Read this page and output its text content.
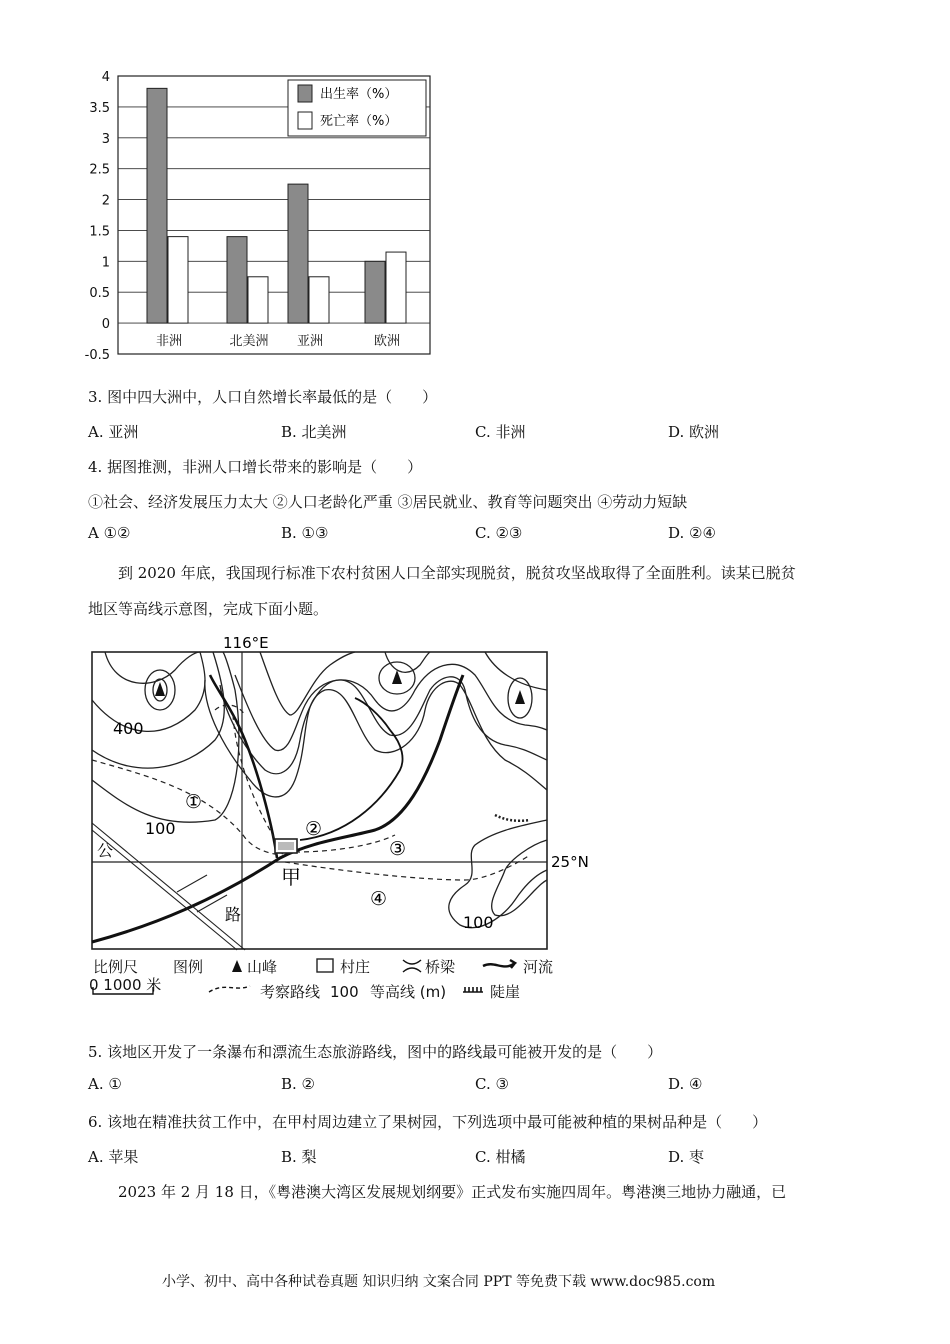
4
3.5
3
2.5
2
1.5
1
0.5
0
-0.5
非洲	北美洲 亚洲	欧洲
出生率（%）
死亡率（%）
3. 图中四大洲中，人口自然增长率最低的是（　　）
A. 亚洲	B. 北美洲	C. 非洲	D. 欧洲
4. 据图推测，非洲人口增长带来的影响是（　　）
①社会、经济发展压力太大 ②人口老龄化严重 ③居民就业、教育等问题突出 ④劳动力短缺
A ①②	B. ①③	C. ②③	D. ②④
到 2020 年底，我国现行标准下农村贫困人口全部实现脱贫，脱贫攻坚战取得了全面胜利。读某已脱贫
地区等高线示意图，完成下面小题。
116°E
25°N
400
100
100
①
②
③
④
甲
公
路
比例尺 图例	山峰	村庄	桥梁	河流
0 1000 米	考察路线 100 等高线 (m)	陡崖
5. 该地区开发了一条瀑布和漂流生态旅游路线，图中的路线最可能被开发的是（　　）
A. ①	B. ②	C. ③	D. ④
6. 该地在精准扶贫工作中，在甲村周边建立了果树园，下列选项中最可能被种植的果树品种是（　　）
A. 苹果	B. 梨	C. 柑橘	D. 枣
2023 年 2 月 18 日，《粤港澳大湾区发展规划纲要》正式发布实施四周年。粤港澳三地协力融通，已
小学、初中、高中各种试卷真题 知识归纳 文案合同 PPT 等免费下载 www.doc985.com
